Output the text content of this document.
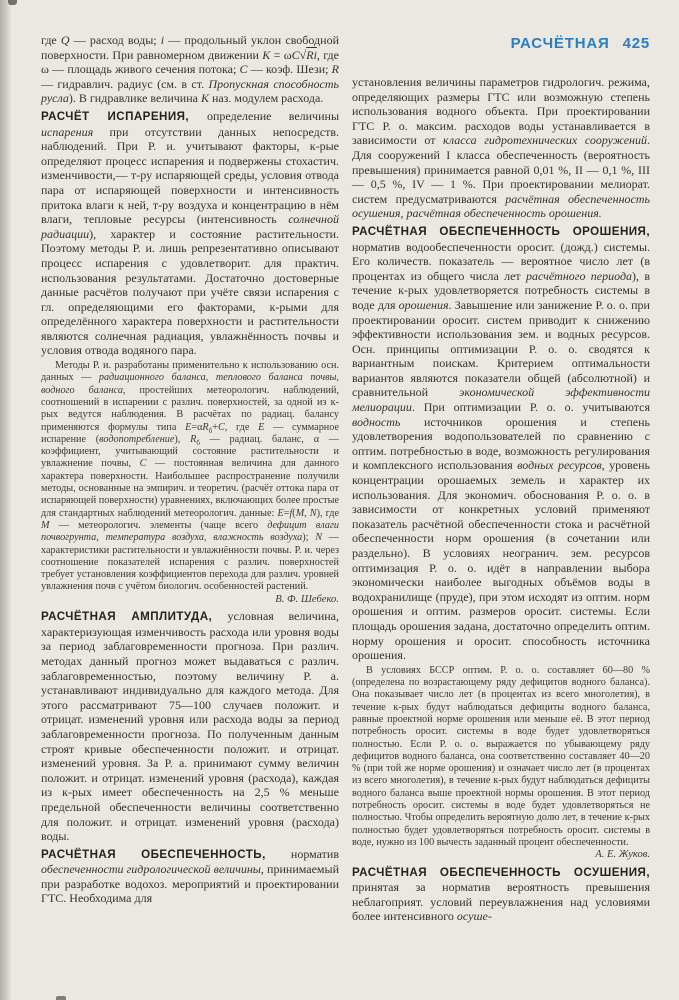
где Q — расход воды; i — продольный уклон свободной поверхности. При равномерном движении K = ωC√Ri, где ω — площадь живого сечения потока; C — коэф. Шези; R — гидравлич. радиус (см. в ст. Пропускная способность русла). В гидравлике величина К наз. модулем расхода.
РАСЧЁТ ИСПАРЕНИЯ, определение величины испарения при отсутствии данных непосредств. наблюдений. При Р. и. учитывают факторы, к-рые определяют процесс испарения и подвержены стохастич. изменчивости,— т-ру испаряющей среды, условия отвода пара от испаряющей поверхности и интенсивность притока влаги к ней, т-ру воздуха и концентрацию в нём влаги, тепловые ресурсы (интенсивность солнечной радиации), характер и состояние растительности. Поэтому методы Р. и. лишь репрезентативно описывают процесс испарения с удовлетворит. для практич. использования результатами. Достаточно достоверные данные расчётов получают при учёте связи испарения с гл. определяющими его факторами, к-рыми для определённого характера поверхности и растительности являются солнечная радиация, увлажнённость почвы и условия отвода водяного пара.
Методы Р. и. разработаны применительно к использованию осн. данных — радиационного баланса, теплового баланса почвы, водного баланса, простейших метеорологич. наблюдений, соотношений в испарении с различ. поверхностей, за одной из к-рых ведутся наблюдения. В расчётах по радиац. балансу применяются формулы типа $E=\alpha R_б+C$, где E — суммарное испарение (водопотребление), $R_б$ — радиац. баланс, α — коэффициент, учитывающий состояние растительности и увлажнение почвы, C — постоянная величина для данного характера поверхности. Наибольшее распространение получили методы, основанные на эмпирич. и теоретич. (расчёт оттока пара от испаряющей поверхности) уравнениях, включающих более простые для стандартных наблюдений метеорологич. данные: E=f(M, N), где M — метеорологич. элементы (чаще всего дефицит влаги почвогрунта, температура воздуха, влажность воздуха); N — характеристики растительности и увлажнённости почвы. Р. и. через соотношение показателей испарения с различ. поверхностей требует установления коэффициентов перехода для различ. уровней увлажнения почв с учётом биологич. особенностей растений.
В. Ф. Шебеко.
РАСЧЁТНАЯ АМПЛИТУДА, условная величина, характеризующая изменчивость расхода или уровня воды за период заблаговременности прогноза. При различ. методах данный прогноз может выдаваться с различ. заблаговременностью, поэтому величину Р. а. устанавливают индивидуально для каждого метода. Для этого рассматривают 75—100 случаев положит. и отрицат. изменений уровня или расхода воды за период заблаговременности прогноза. По полученным данным строят кривые обеспеченности положит. и отрицат. изменений уровня. За Р. а. принимают сумму величин положит. и отрицат. изменений уровня (расхода), каждая из к-рых имеет обеспеченность на 2,5 % меньше предельной обеспеченности величины соответственно для положит. и отрицат. изменений уровня (расхода) воды.
РАСЧЁТНАЯ ОБЕСПЕЧЕННОСТЬ, норматив обеспеченности гидрологической величины, принимаемый при разработке водохоз. мероприятий и проектировании ГТС. Необходима для
РАСЧЁТНАЯ 425
установления величины параметров гидрологич. режима, определяющих размеры ГТС или возможную степень использования водного объекта. При проектировании ГТС Р. о. максим. расходов воды устанавливается в зависимости от класса гидротехнических сооружений. Для сооружений I класса обеспеченность (вероятность превышения) принимается равной 0,01 %, II — 0,1 %, III — 0,5 %, IV — 1 %. При проектировании мелиорат. систем предусматриваются расчётная обеспеченность осушения, расчётная обеспеченность орошения.
РАСЧЁТНАЯ ОБЕСПЕЧЕННОСТЬ ОРОШЕНИЯ, норматив водообеспеченности оросит. (дожд.) системы. Его количеств. показатель — вероятное число лет (в процентах из общего числа лет расчётного периода), в течение к-рых удовлетворяется потребность системы в воде для орошения. Завышение или занижение Р. о. о. при проектировании оросит. систем приводит к снижению эффективности использования зем. и водных ресурсов. Осн. принципы оптимизации Р. о. о. сводятся к вариантным поискам. Критерием оптимальности вариантов являются показатели общей (абсолютной) и сравнительной экономической эффективности мелиорации. При оптимизации Р. о. о. учитываются водность источников орошения и степень удовлетворения водопользователей по сравнению с оптим. потребностью в воде, возможность регулирования и комплексного использования водных ресурсов, уровень концентрации орошаемых земель и характер их использования. Для экономич. обоснования Р. о. о. в зависимости от конкретных условий применяют показатель расчётной обеспеченности стока и расчётной обеспеченности норм орошения (в сочетании или раздельно). В условиях неогранич. зем. ресурсов оптимизация Р. о. о. идёт в направлении выбора экономически наиболее выгодных объёмов воды в водохранилище (пруде), при этом исходят из оптим. норм орошения и оптим. размеров оросит. системы. Если площадь орошения задана, достаточно определить оптим. норму орошения и оросит. способность источника орошения.
В условиях БССР оптим. Р. о. о. составляет 60—80 % (определена по возрастающему ряду дефицитов водного баланса). Она показывает число лет (в процентах из всего многолетия), в течение к-рых будут наблюдаться дефициты водного баланса, равные проектной норме орошения или меньше её. В этот период потребность оросит. системы в воде будет удовлетворяться полностью. Если Р. о. о. выражается по убывающему ряду дефицитов водного баланса, она соответственно составляет 40—20 % (при той же норме орошения) и означает число лет (в процентах из всего многолетия), в течение к-рых будут наблюдаться дефициты водного баланса выше проектной нормы орошения. В этот период потребность оросит. системы в воде будет удовлетворяться не полностью. Чтобы определить вероятную долю лет, в течение к-рых полностью будет удовлетворяться потребность оросит. системы в воде, нужно из 100 вычесть заданный процент обеспеченности.
А. Е. Жуков.
РАСЧЁТНАЯ ОБЕСПЕЧЕННОСТЬ ОСУШЕНИЯ, принятая за норматив вероятность превышения неблагоприят. условий переувлажнения над условиями более интенсивного осуше-
